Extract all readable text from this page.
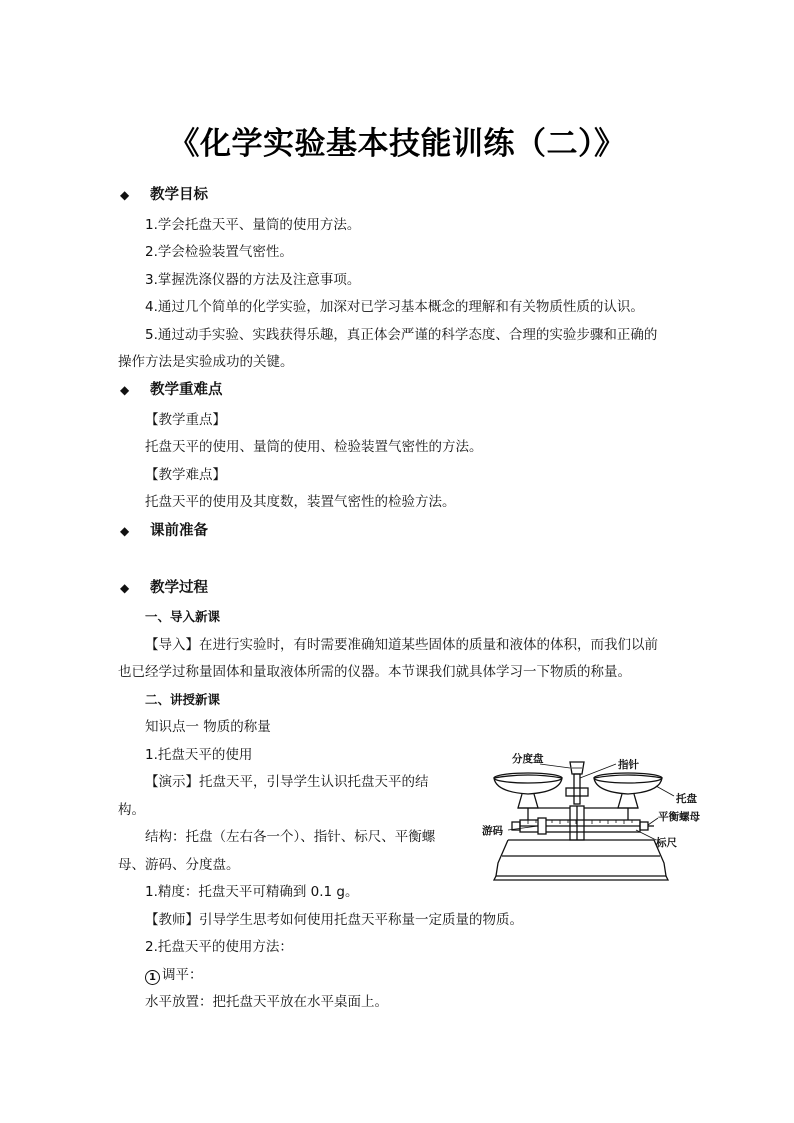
《化学实验基本技能训练（二）》
◆ 教学目标
1.学会托盘天平、量筒的使用方法。
2.学会检验装置气密性。
3.掌握洗涤仪器的方法及注意事项。
4.通过几个简单的化学实验，加深对已学习基本概念的理解和有关物质性质的认识。
5.通过动手实验、实践获得乐趣，真正体会严谨的科学态度、合理的实验步骤和正确的
操作方法是实验成功的关键。
◆ 教学重难点
【教学重点】
托盘天平的使用、量筒的使用、检验装置气密性的方法。
【教学难点】
托盘天平的使用及其度数，装置气密性的检验方法。
◆ 课前准备
◆ 教学过程
一、导入新课
【导入】在进行实验时，有时需要准确知道某些固体的质量和液体的体积，而我们以前
也已经学过称量固体和量取液体所需的仪器。本节课我们就具体学习一下物质的称量。
二、讲授新课
知识点一 物质的称量
1.托盘天平的使用
【演示】托盘天平，引导学生认识托盘天平的结
构。
结构：托盘（左右各一个）、指针、标尺、平衡螺
母、游码、分度盘。
1.精度：托盘天平可精确到 0.1 g。
【教师】引导学生思考如何使用托盘天平称量一定质量的物质。
2.托盘天平的使用方法：
1 调平：
水平放置：把托盘天平放在水平桌面上。
分度盘	指针
托盘
平衡螺母
游码
标尺
